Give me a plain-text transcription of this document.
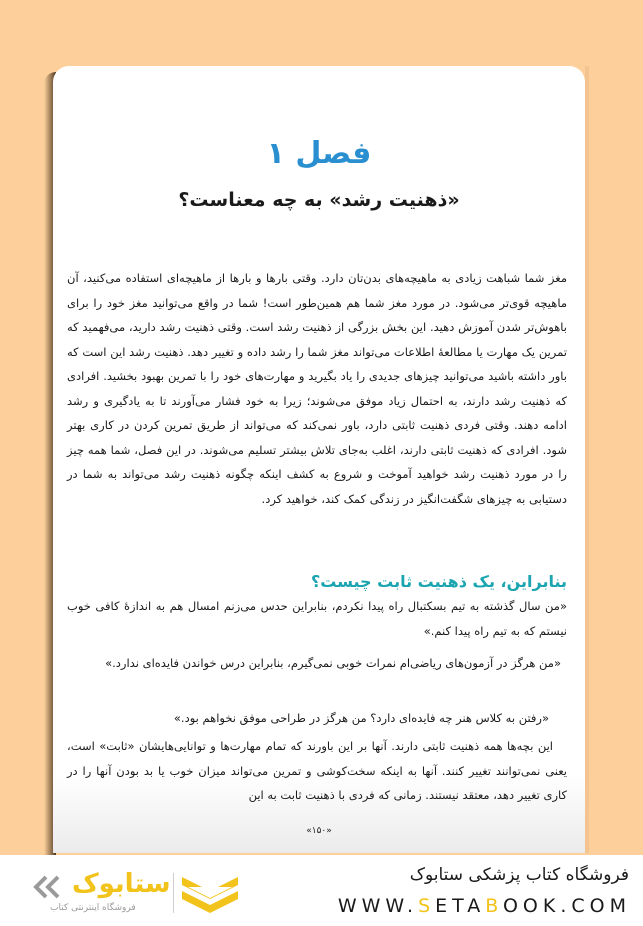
فصل ۱
«ذهنیت رشد» به چه معناست؟
مغز شما شباهت زیادی به ماهیچه‌های بدن‌تان دارد. وقتی بارها و بارها از ماهیچه‌ای استفاده می‌کنید، آن ماهیچه قوی‌تر می‌شود. در مورد مغز شما هم همین‌طور است! شما در واقع می‌توانید مغز خود را برای باهوش‌تر شدن آموزش دهید. این بخش بزرگی از ذهنیت رشد است. وقتی ذهنیت رشد دارید، می‌فهمید که تمرین یک مهارت یا مطالعهٔ اطلاعات می‌تواند مغز شما را رشد داده و تغییر دهد. ذهنیت رشد این است که باور داشته باشید می‌توانید چیزهای جدیدی را یاد بگیرید و مهارت‌های خود را با تمرین بهبود بخشید. افرادی که ذهنیت رشد دارند، به احتمال زیاد موفق می‌شوند؛ زیرا به خود فشار می‌آورند تا به یادگیری و رشد ادامه دهند. وقتی فردی ذهنیت ثابتی دارد، باور نمی‌کند که می‌تواند از طریق تمرین کردن در کاری بهتر شود. افرادی که ذهنیت ثابتی دارند، اغلب به‌جای تلاش بیشتر تسلیم می‌شوند. در این فصل، شما همه چیز را در مورد ذهنیت رشد خواهید آموخت و شروع به کشف اینکه چگونه ذهنیت رشد می‌تواند به شما در دستیابی به چیزهای شگفت‌انگیز در زندگی کمک کند، خواهید کرد.
بنابراین، یک ذهنیت ثابت چیست؟
«من سال گذشته به تیم بسکتبال راه پیدا نکردم، بنابراین حدس می‌زنم امسال هم به اندازهٔ کافی خوب نیستم که به تیم راه پیدا کنم.»
«من هرگز در آزمون‌های ریاضی‌ام نمرات خوبی نمی‌گیرم، بنابراین درس خواندن فایده‌ای ندارد.»
«رفتن به کلاس هنر چه فایده‌ای دارد؟ من هرگز در طراحی موفق نخواهم بود.»
این بچه‌ها همه ذهنیت ثابتی دارند. آنها بر این باورند که تمام مهارت‌ها و توانایی‌هایشان «ثابت» است، یعنی نمی‌توانند تغییر کنند. آنها به اینکه سخت‌کوشی و تمرین می‌تواند میزان خوب یا بد بودن آنها را در کاری تغییر دهد، معتقد نیستند. زمانی که فردی با ذهنیت ثابت به این
«۱۵۰»
ستابوک
فروشگاه اینترنتی کتاب
فروشگاه کتاب پزشکی ستابوک
WWW.SETABOOK.COM
